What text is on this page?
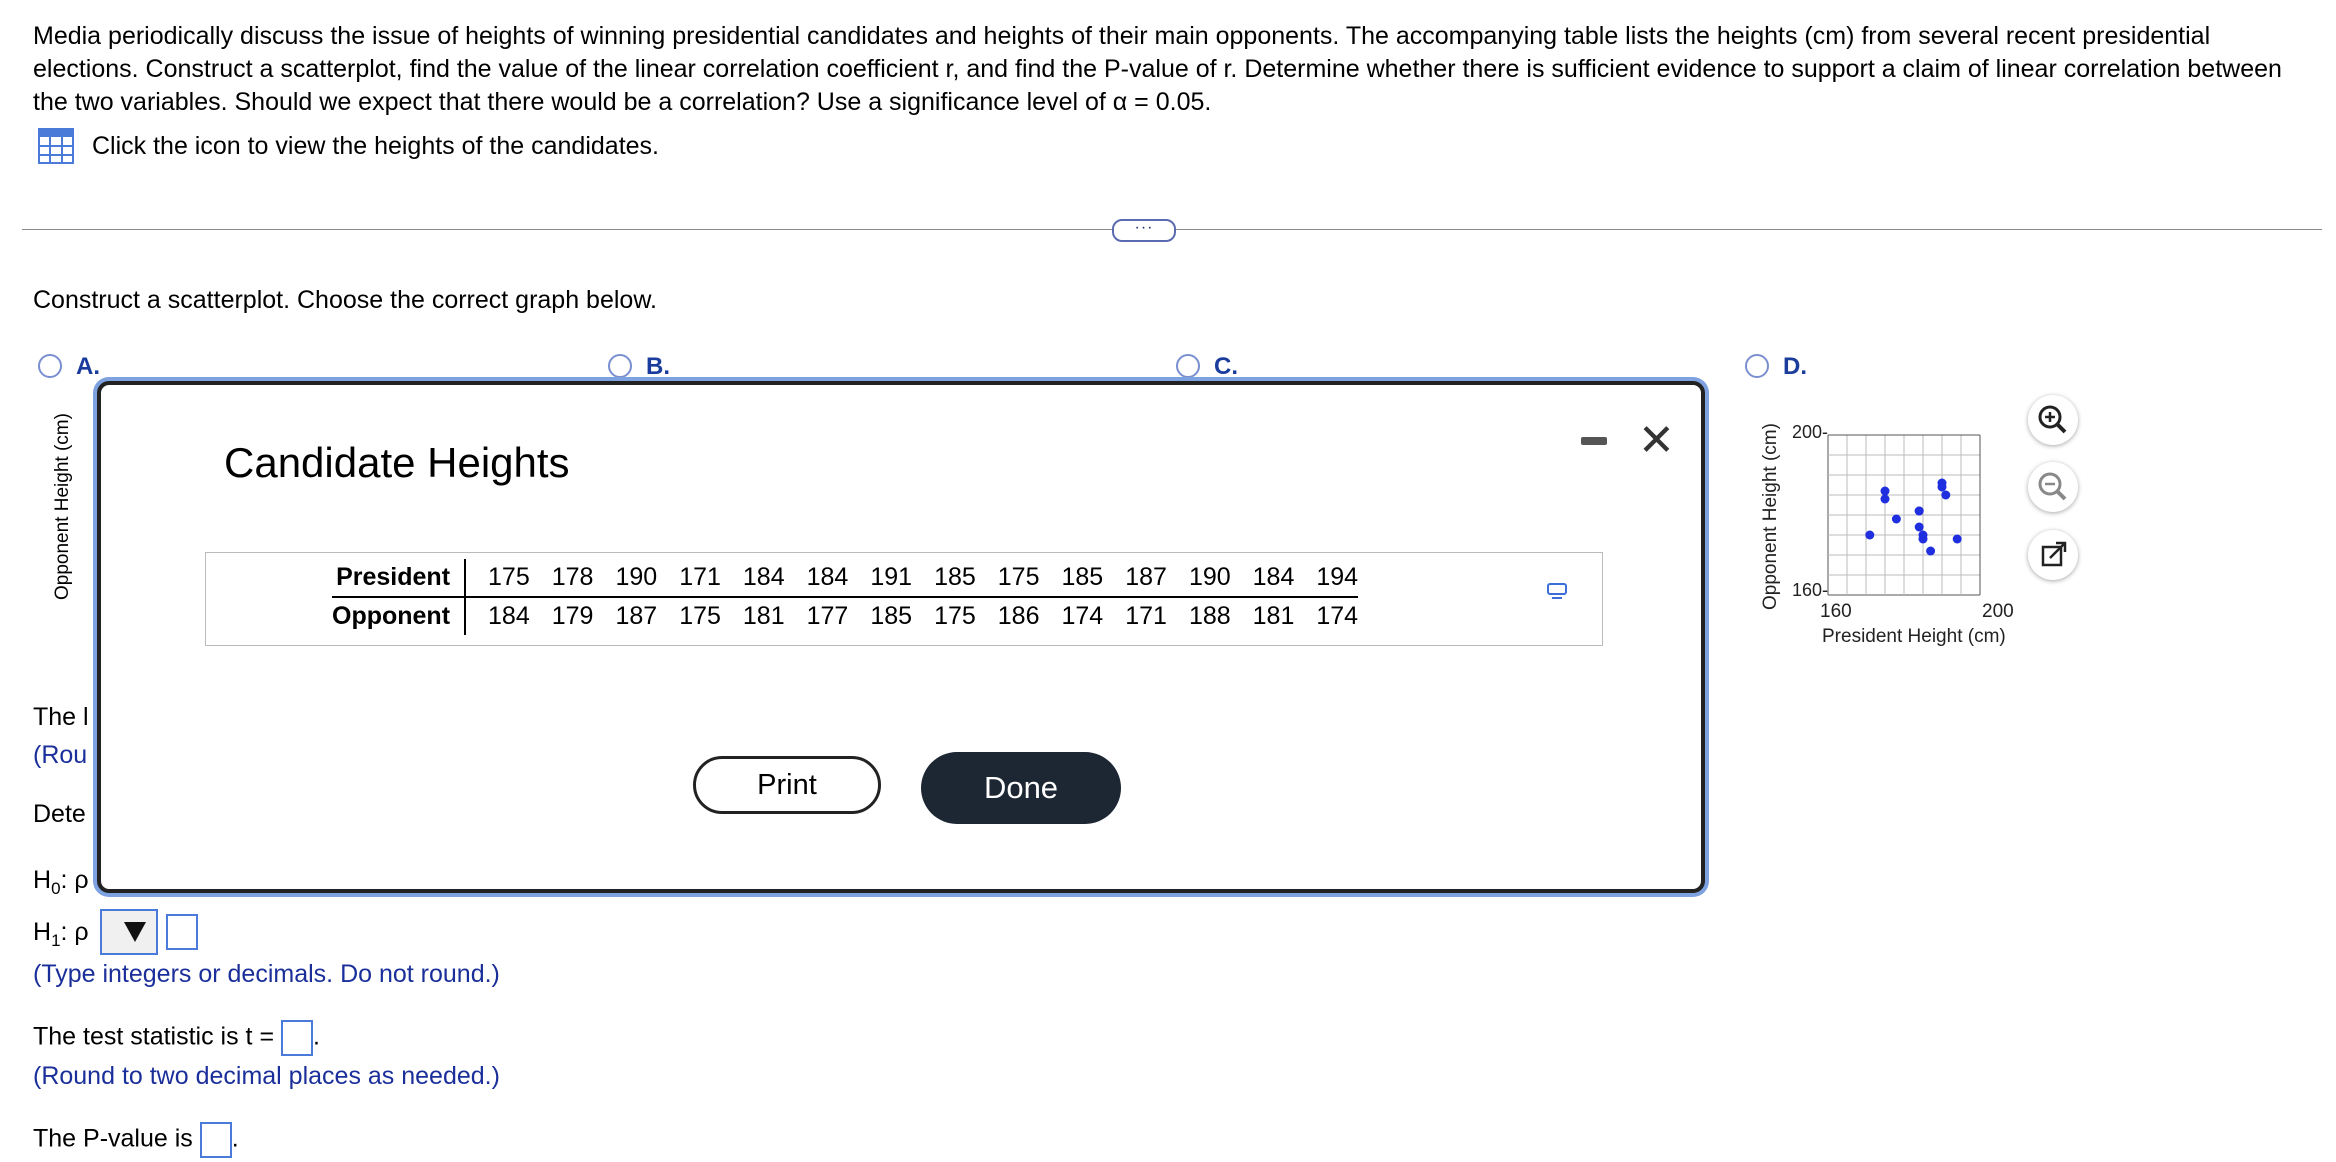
Media periodically discuss the issue of heights of winning presidential candidates and heights of their main opponents. The accompanying table lists the heights (cm) from several recent presidential elections. Construct a scatterplot, find the value of the linear correlation coefficient r, and find the P-value of r. Determine whether there is sufficient evidence to support a claim of linear correlation between the two variables. Should we expect that there would be a correlation? Use a significance level of α = 0.05.
Click the icon to view the heights of the candidates.
···
Construct a scatterplot. Choose the correct graph below.
A.	B.	C.	D.
Opponent Height (cm)	Opponent Height (cm) 200-
160-
160	200
President Height (cm)
The l
(Rou
Dete
$H_0$: ρ
$H_1$: ρ

(Type integers or decimals. Do not round.)
The test statistic is t = .
(Round to two decimal places as needed.)
The P-value is .
Candidate Heights	✕
President	175	178	190	171	184	184	191	185	175	185	187	190	184	194
Opponent	184	179	187	175	181	177	185	175	186	174	171	188	181	174
Print	Done
